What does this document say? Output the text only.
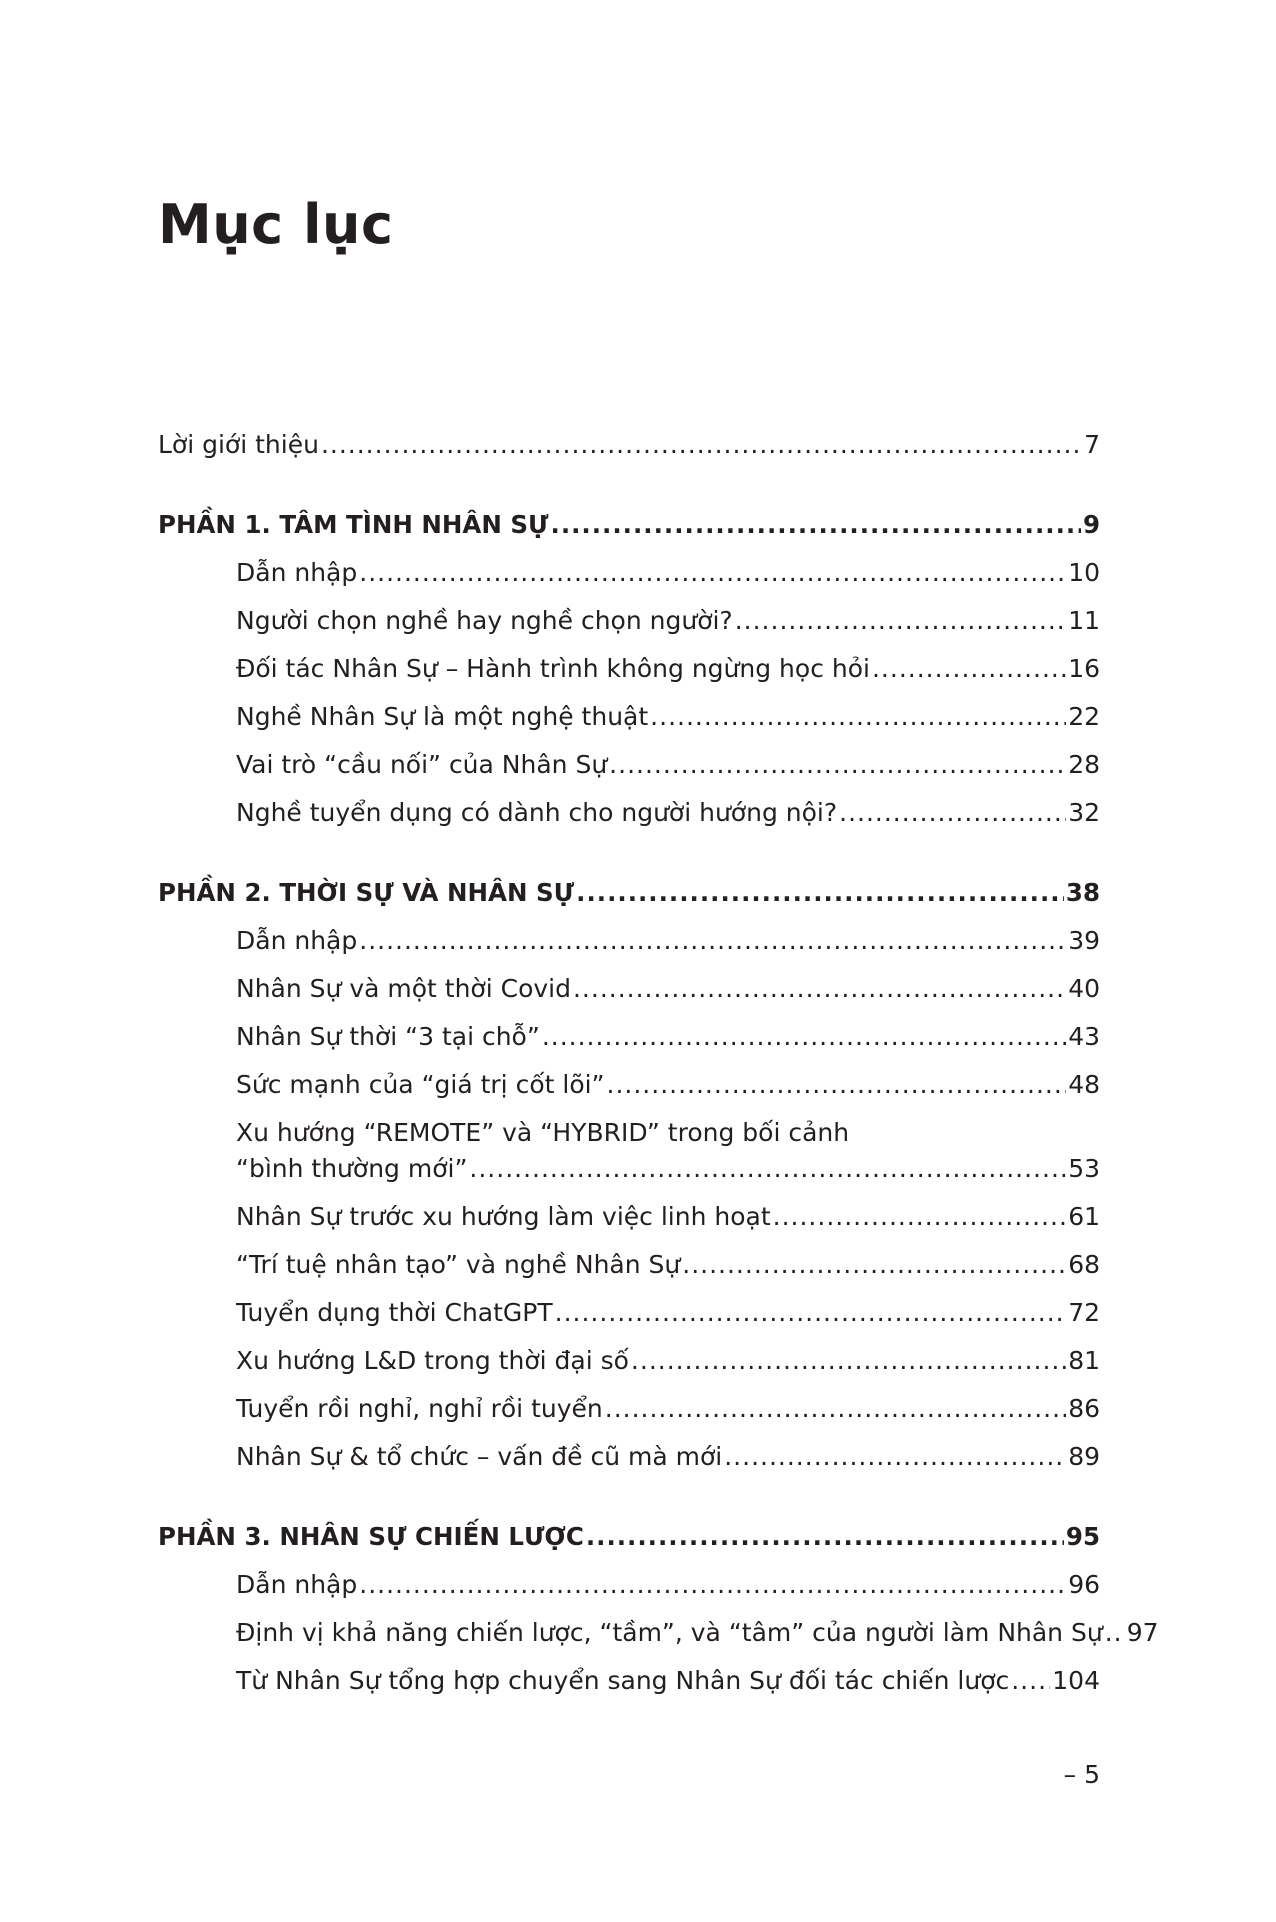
Mục lục
Lời giới thiệu .....	7
PHẦN 1. TÂM TÌNH NHÂN SỰ .....	9
Dẫn nhập .....	10
Người chọn nghề hay nghề chọn người? .....	11
Đối tác Nhân Sự – Hành trình không ngừng học hỏi .....	16
Nghề Nhân Sự là một nghệ thuật .....	22
Vai trò “cầu nối” của Nhân Sự .....	28
Nghề tuyển dụng có dành cho người hướng nội? .....	32
PHẦN 2. THỜI SỰ VÀ NHÂN SỰ .....	38
Dẫn nhập .....	39
Nhân Sự và một thời Covid .....	40
Nhân Sự thời “3 tại chỗ” .....	43
Sức mạnh của “giá trị cốt lõi” .....	48
Xu hướng “REMOTE” và “HYBRID” trong bối cảnh
“bình thường mới” .....	53
Nhân Sự trước xu hướng làm việc linh hoạt .....	61
“Trí tuệ nhân tạo” và nghề Nhân Sự .....	68
Tuyển dụng thời ChatGPT .....	72
Xu hướng L&D trong thời đại số .....	81
Tuyển rồi nghỉ, nghỉ rồi tuyển .....	86
Nhân Sự & tổ chức – vấn đề cũ mà mới .....	89
PHẦN 3. NHÂN SỰ CHIẾN LƯỢC .....	95
Dẫn nhập .....	96
Định vị khả năng chiến lược, “tầm”, và “tâm” của người làm Nhân Sự ..... 97
Từ Nhân Sự tổng hợp chuyển sang Nhân Sự đối tác chiến lược ..... 104
– 5
